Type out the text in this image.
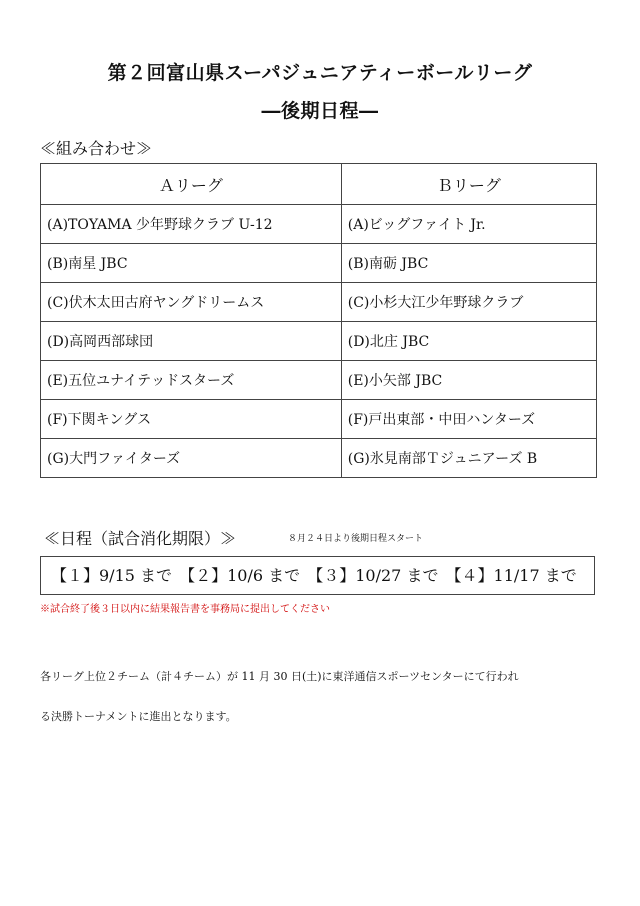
第２回富山県スーパジュニアティーボールリーグ
―後期日程―
≪組み合わせ≫
Ａリーグ	Ｂリーグ
(A)TOYAMA 少年野球クラブ U-12	(A)ビッグファイト Jr.
(B)南星 JBC	(B)南砺 JBC
(C)伏木太田古府ヤングドリームス	(C)小杉大江少年野球クラブ
(D)高岡西部球団	(D)北庄 JBC
(E)五位ユナイテッドスターズ	(E)小矢部 JBC
(F)下関キングス	(F)戸出東部・中田ハンターズ
(G)大門ファイターズ	(G)氷見南部Ｔジュニアーズ B
≪日程（試合消化期限）≫	８月２４日より後期日程スタート
【１】9/15 まで 【２】10/6 まで 【３】10/27 まで 【４】11/17 まで
※試合終了後３日以内に結果報告書を事務局に提出してください
各リーグ上位２チーム（計４チーム）が 11 月 30 日(土)に東洋通信スポーツセンターにて行われ
る決勝トーナメントに進出となります。
